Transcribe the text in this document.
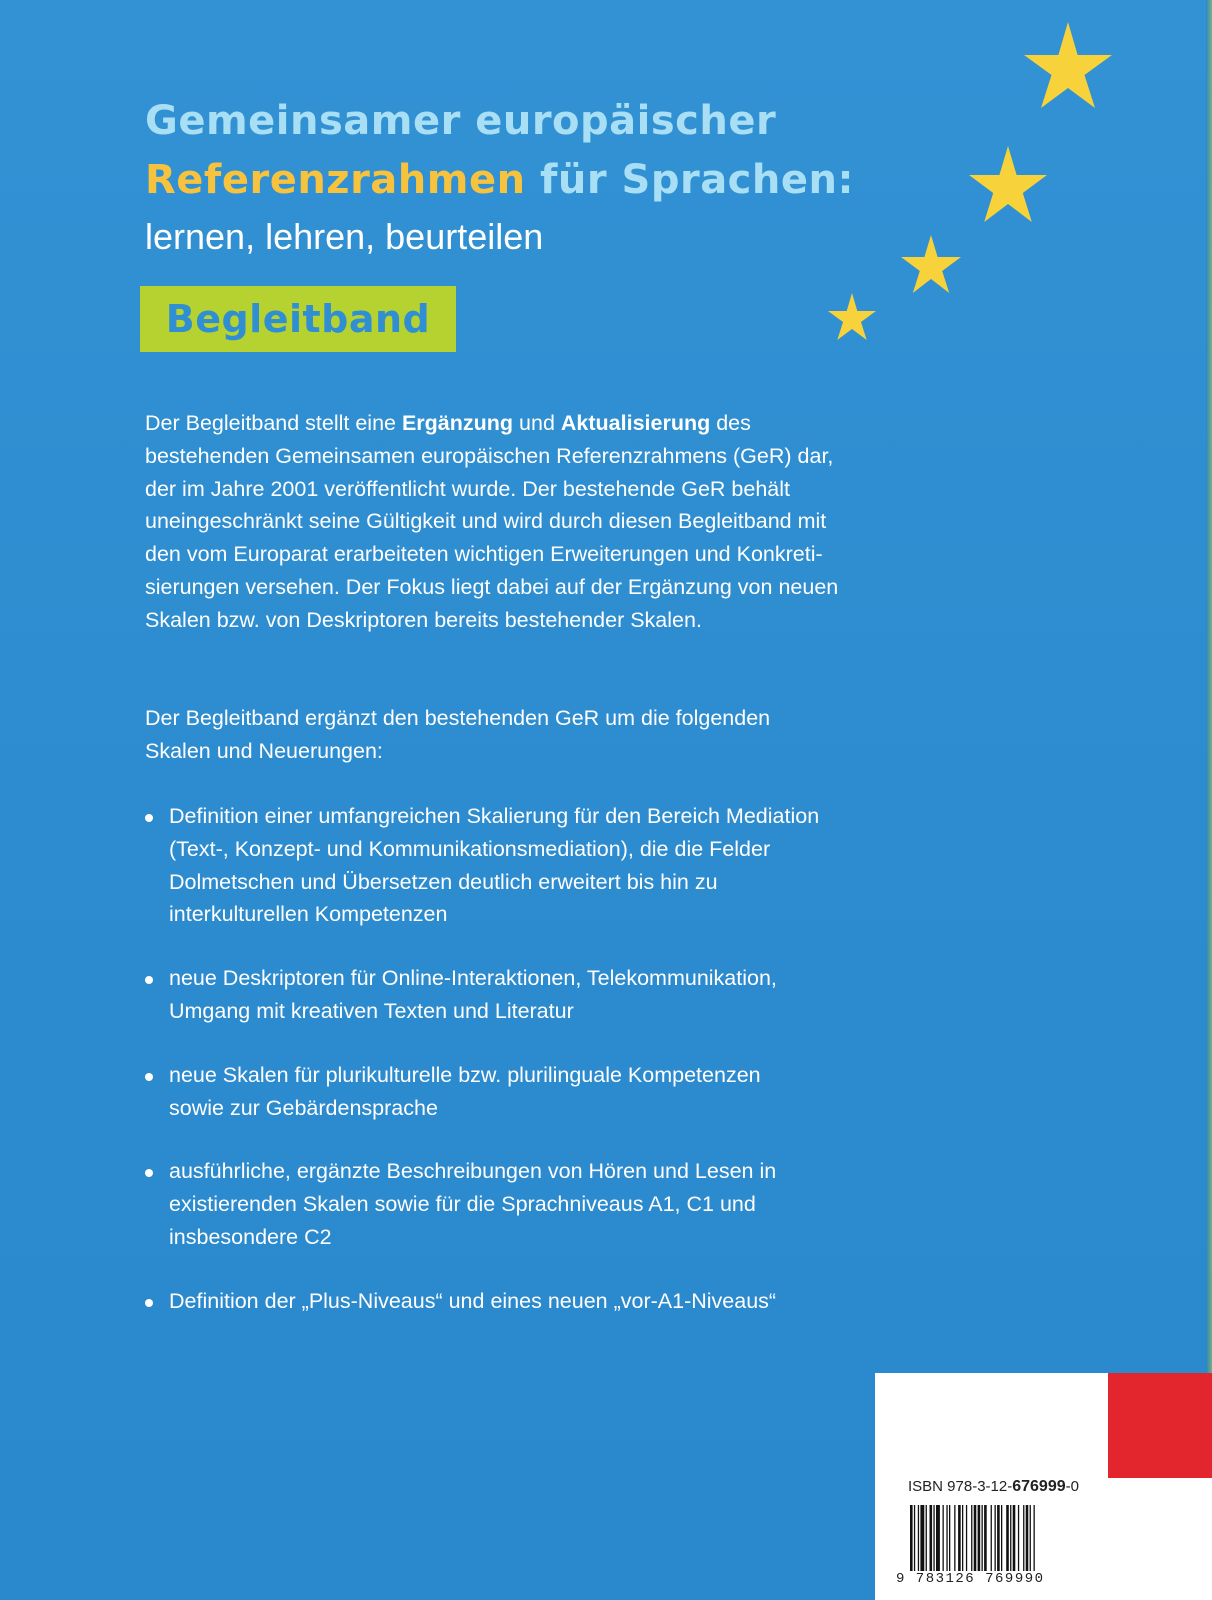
Gemeinsamer europäischer
Referenzrahmen für Sprachen:
lernen, lehren, beurteilen
Begleitband
Der Begleitband stellt eine Ergänzung und Aktualisierung des
bestehenden Gemeinsamen europäischen Referenzrahmens (GeR) dar,
der im Jahre 2001 veröffentlicht wurde. Der bestehende GeR behält
uneingeschränkt seine Gültigkeit und wird durch diesen Begleitband mit
den vom Europarat erarbeiteten wichtigen Erweiterungen und Konkreti-
sierungen versehen. Der Fokus liegt dabei auf der Ergänzung von neuen
Skalen bzw. von Deskriptoren bereits bestehender Skalen.
Der Begleitband ergänzt den bestehenden GeR um die folgenden
Skalen und Neuerungen:
Definition einer umfangreichen Skalierung für den Bereich Mediation
(Text-, Konzept- und Kommunikationsmediation), die die Felder
Dolmetschen und Übersetzen deutlich erweitert bis hin zu
interkulturellen Kompetenzen
neue Deskriptoren für Online-Interaktionen, Telekommunikation,
Umgang mit kreativen Texten und Literatur
neue Skalen für plurikulturelle bzw. plurilinguale Kompetenzen
sowie zur Gebärdensprache
ausführliche, ergänzte Beschreibungen von Hören und Lesen in
existierenden Skalen sowie für die Sprachniveaus A1, C1 und
insbesondere C2
Definition der „Plus-Niveaus“ und eines neuen „vor-A1-Niveaus“
ISBN 978-3-12-676999-0
9 783126 769990
